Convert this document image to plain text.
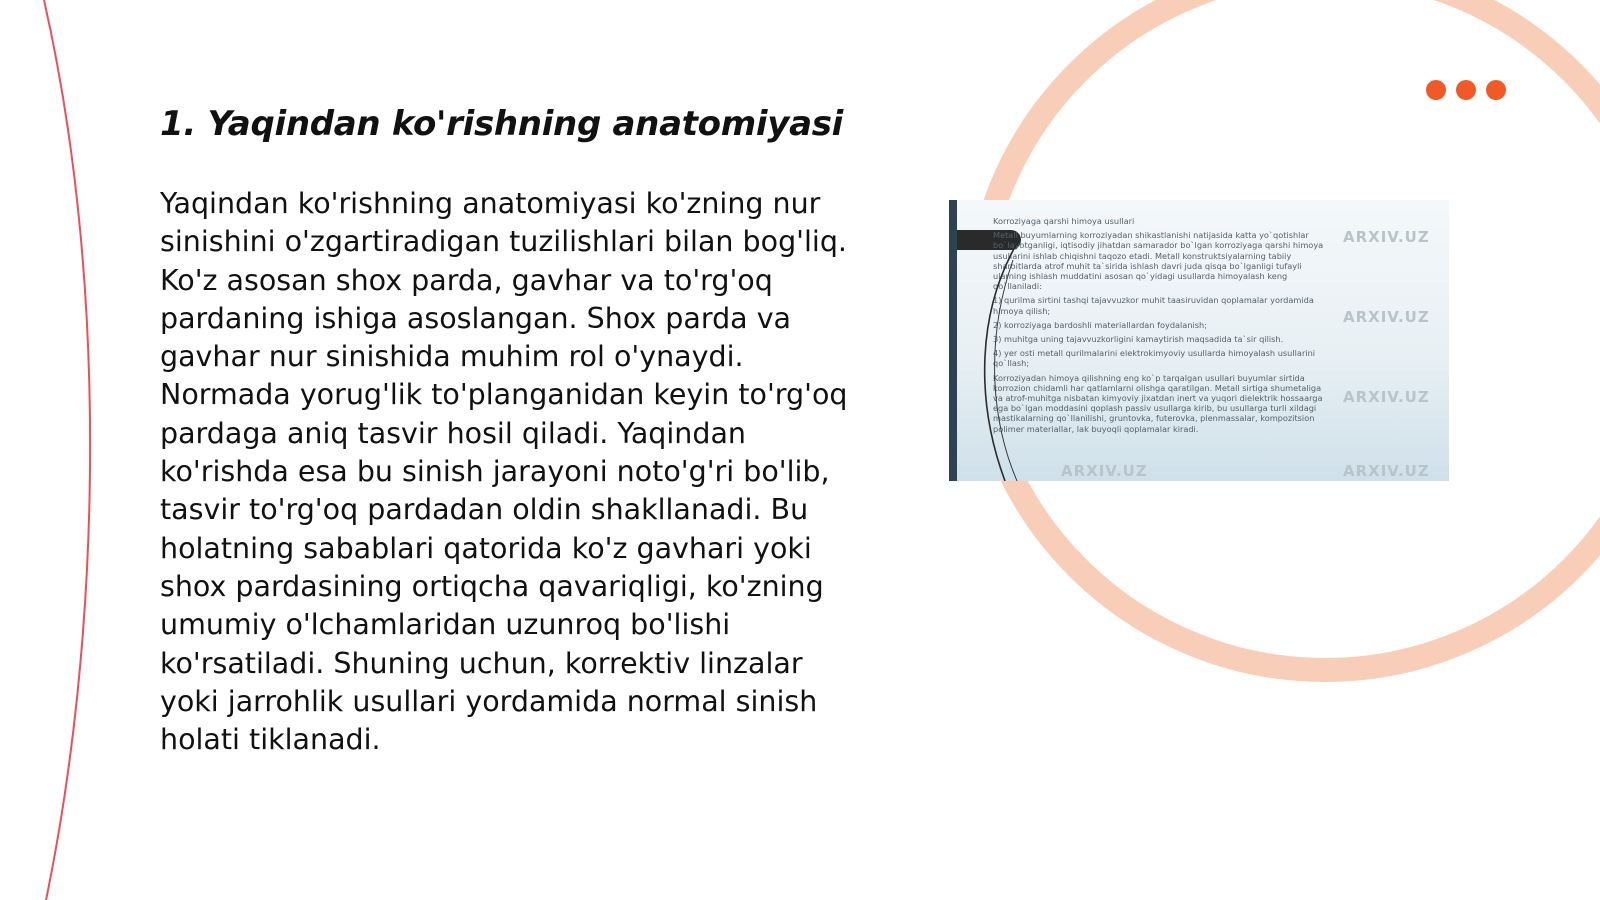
1. Yaqindan ko'rishning anatomiyasi

Yaqindan ko'rishning anatomiyasi ko'zning nur sinishini o'zgartiradigan tuzilishlari bilan bog'liq. Ko'z asosan shox parda, gavhar va to'rg'oq pardaning ishiga asoslangan. Shox parda va gavhar nur sinishida muhim rol o'ynaydi. Normada yorug'lik to'planganidan keyin to'rg'oq pardaga aniq tasvir hosil qiladi. Yaqindan ko'rishda esa bu sinish jarayoni noto'g'ri bo'lib, tasvir to'rg'oq pardadan oldin shakllanadi. Bu holatning sabablari qatorida ko'z gavhari yoki shox pardasining ortiqcha qavariqligi, ko'zning umumiy o'lchamlaridan uzunroq bo'lishi ko'rsatiladi. Shuning uchun, korrektiv linzalar yoki jarrohlik usullari yordamida normal sinish holati tiklanadi.

Korroziyaga qarshi himoya usullari

Metall buyumlarning korroziyadan shikastlanishi natijasida katta yo`qotishlar bo`layotganligi, iqtisodiy jihatdan samarador bo`lgan korroziyaga qarshi himoya usullarini ishlab chiqishni taqozo etadi. Metall konstruktsiyalarning tabiiy sharoitlarda atrof muhit ta`sirida ishlash davri juda qisqa bo`lganligi tufayli ularning ishlash muddatini asosan qo`yidagi usullarda himoyalash keng qo`llaniladi:

1) qurilma sirtini tashqi tajavvuzkor muhit taasiruvidan qoplamalar yordamida himoya qilish;

2) korroziyaga bardoshli materiallardan foydalanish;

3) muhitga uning tajavvuzkorligini kamaytirish maqsadida ta`sir qilish.

4) yer osti metall qurilmalarini elektrokimyoviy usullarda himoyalash usullarini qo`llash;

Korroziyadan himoya qilishning eng ko`p tarqalgan usullari buyumlar sirtida korrozion chidamli har qatlamlarni olishga qaratilgan. Metall sirtiga shumetaliga va atrof-muhitga nisbatan kimyoviy jixatdan inert va yuqori dielektrik hossaarga ega bo`lgan moddasini qoplash passiv usullarga kirib, bu usullarga turli xildagi mastikalarning qo`llanilishi, gruntovka, futerovka, plenmassalar, kompozitsion polimer materiallar, lak buyoqli qoplamalar kiradi.

ARXIV.UZ
ARXIV.UZ
ARXIV.UZ
ARXIV.UZ	ARXIV.UZ
